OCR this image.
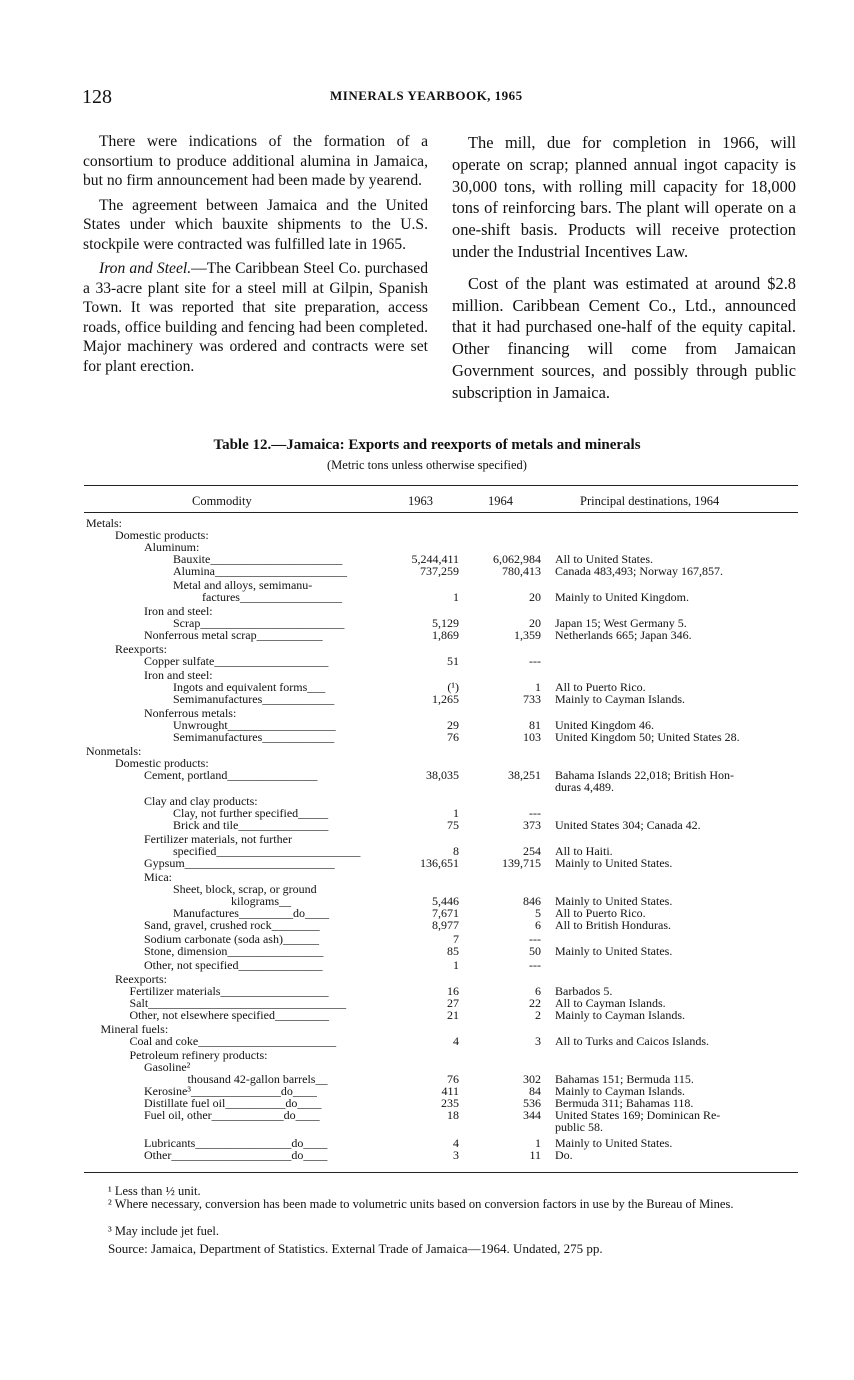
128	MINERALS YEARBOOK, 1965

There were indications of the formation of a consortium to produce additional alumina in Jamaica, but no firm announcement had been made by yearend.

The agreement between Jamaica and the United States under which bauxite shipments to the U.S. stockpile were contracted was fulfilled late in 1965.

Iron and Steel.—The Caribbean Steel Co. purchased a 33-acre plant site for a steel mill at Gilpin, Spanish Town. It was reported that site preparation, access roads, office building and fencing had been completed. Major machinery was ordered and contracts were set for plant erection.

The mill, due for completion in 1966, will operate on scrap; planned annual ingot capacity is 30,000 tons, with rolling mill capacity for 18,000 tons of reinforcing bars. The plant will operate on a one-shift basis. Products will receive protection under the Industrial Incentives Law.

Cost of the plant was estimated at around $2.8 million. Caribbean Cement Co., Ltd., announced that it had purchased one-half of the equity capital. Other financing will come from Jamaican Government sources, and possibly through public subscription in Jamaica.

Table 12.—Jamaica: Exports and reexports of metals and minerals
(Metric tons unless otherwise specified)
Commodity	1963	1964	Principal destinations, 1964
Metals:
Domestic products:
Aluminum:
Bauxite______________________	5,244,411	6,062,984 All to United States.
Alumina______________________	737,259	780,413 Canada 483,493; Norway 167,857.
Metal and alloys, semimanu-
factures_________________	1	20 Mainly to United Kingdom.
Iron and steel:
Scrap________________________	5,129	20 Japan 15; West Germany 5.
Nonferrous metal scrap___________	1,869	1,359 Netherlands 665; Japan 346.
Reexports:
Copper sulfate___________________	51	---
Iron and steel:
Ingots and equivalent forms___	(¹)	1 All to Puerto Rico.
Semimanufactures____________	1,265	733 Mainly to Cayman Islands.
Nonferrous metals:
Unwrought__________________	29	81 United Kingdom 46.
Semimanufactures____________	76	103 United Kingdom 50; United States 28.
Nonmetals:
Domestic products:
Cement, portland_______________	38,035	38,251 Bahama Islands 22,018; British Hon-
duras 4,489.
Clay and clay products:
Clay, not further specified_____	1	---
Brick and tile_______________	75	373 United States 304; Canada 42.
Fertilizer materials, not further
specified________________________	8	254 All to Haiti.
Gypsum_________________________	136,651	139,715 Mainly to United States.
Mica:
Sheet, block, scrap, or ground
kilograms__	5,446	846 Mainly to United States.
Manufactures_________do____	7,671	5 All to Puerto Rico.
Sand, gravel, crushed rock________	8,977	6 All to British Honduras.
Sodium carbonate (soda ash)______	7	---
Stone, dimension________________	85	50 Mainly to United States.
Other, not specified______________	1	---
Reexports:
Fertilizer materials__________________	16	6 Barbados 5.
Salt_________________________________	27	22 All to Cayman Islands.
Other, not elsewhere specified_________	21	2 Mainly to Cayman Islands.
Mineral fuels:
Coal and coke_______________________	4	3 All to Turks and Caicos Islands.
Petroleum refinery products:
Gasoline²
thousand 42-gallon barrels__	76	302 Bahamas 151; Bermuda 115.
Kerosine³_______________do____	411	84 Mainly to Cayman Islands.
Distillate fuel oil__________do____	235	536 Bermuda 311; Bahamas 118.
Fuel oil, other____________do____	18	344 United States 169; Dominican Re-
public 58.
Lubricants________________do____	4	1 Mainly to United States.
Other____________________do____	3	11 Do.
¹ Less than ½ unit.
² Where necessary, conversion has been made to volumetric units based on conversion factors in use by the Bureau of Mines.
³ May include jet fuel.
Source: Jamaica, Department of Statistics. External Trade of Jamaica—1964. Undated, 275 pp.
